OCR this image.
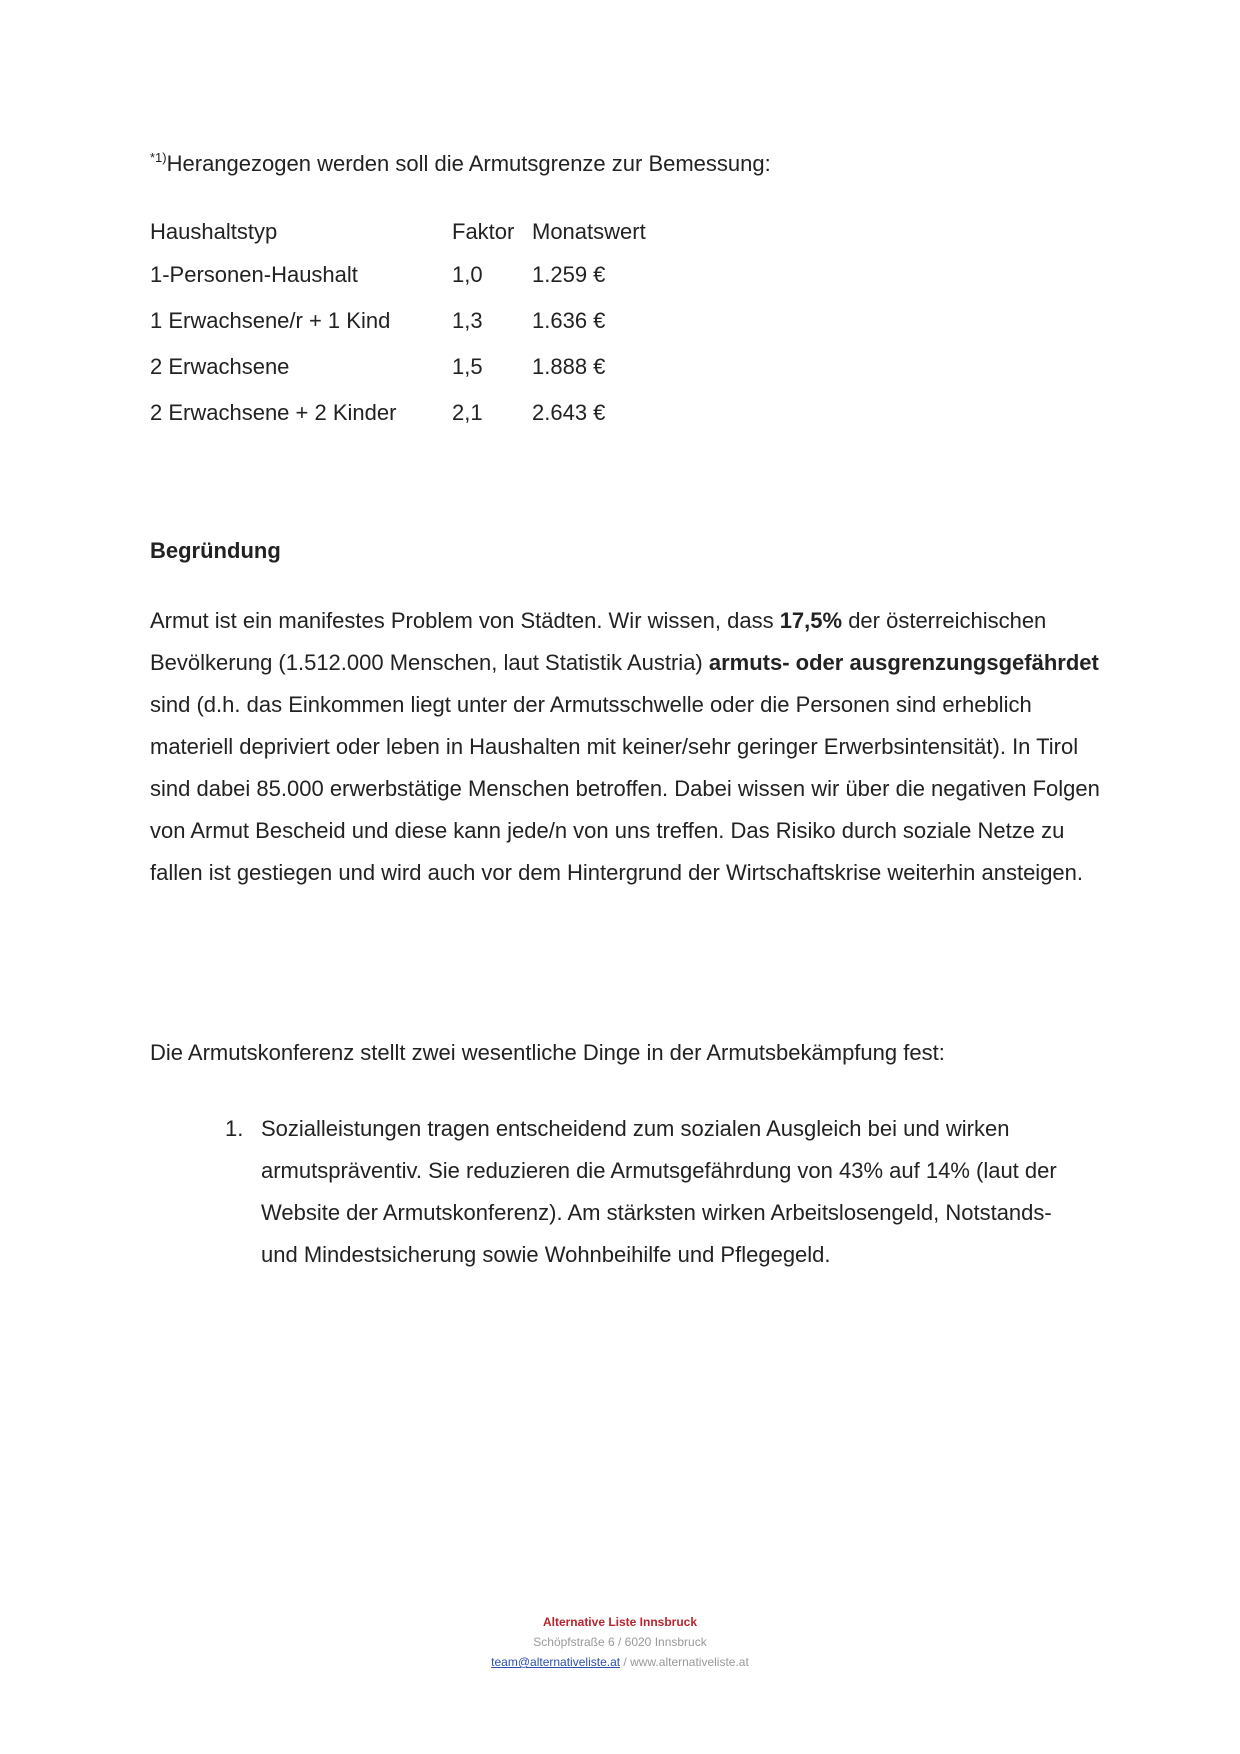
$^{*1)}$Herangezogen werden soll die Armutsgrenze zur Bemessung:
Haushaltstyp	Faktor	Monatswert
1-Personen-Haushalt	1,0	1.259 €
1 Erwachsene/r + 1 Kind	1,3	1.636 €
2 Erwachsene	1,5	1.888 €
2 Erwachsene + 2 Kinder	2,1	2.643 €
Begründung

Armut ist ein manifestes Problem von Städten. Wir wissen, dass 17,5% der österreichischen Bevölkerung (1.512.000 Menschen, laut Statistik Austria) armuts- oder ausgrenzungsgefährdet sind (d.h. das Einkommen liegt unter der Armutsschwelle oder die Personen sind erheblich materiell depriviert oder leben in Haushalten mit keiner/sehr geringer Erwerbsintensität). In Tirol sind dabei 85.000 erwerbstätige Menschen betroffen. Dabei wissen wir über die negativen Folgen von Armut Bescheid und diese kann jede/n von uns treffen. Das Risiko durch soziale Netze zu fallen ist gestiegen und wird auch vor dem Hintergrund der Wirtschaftskrise weiterhin ansteigen.

Die Armutskonferenz stellt zwei wesentliche Dinge in der Armutsbekämpfung fest:

1. Sozialleistungen tragen entscheidend zum sozialen Ausgleich bei und wirken armutspräventiv. Sie reduzieren die Armutsgefährdung von 43% auf 14% (laut der Website der Armutskonferenz). Am stärksten wirken Arbeitslosengeld, Notstands- und Mindestsicherung sowie Wohnbeihilfe und Pflegegeld.
Alternative Liste Innsbruck
Schöpfstraße 6 / 6020 Innsbruck
team@alternativeliste.at / www.alternativeliste.at
